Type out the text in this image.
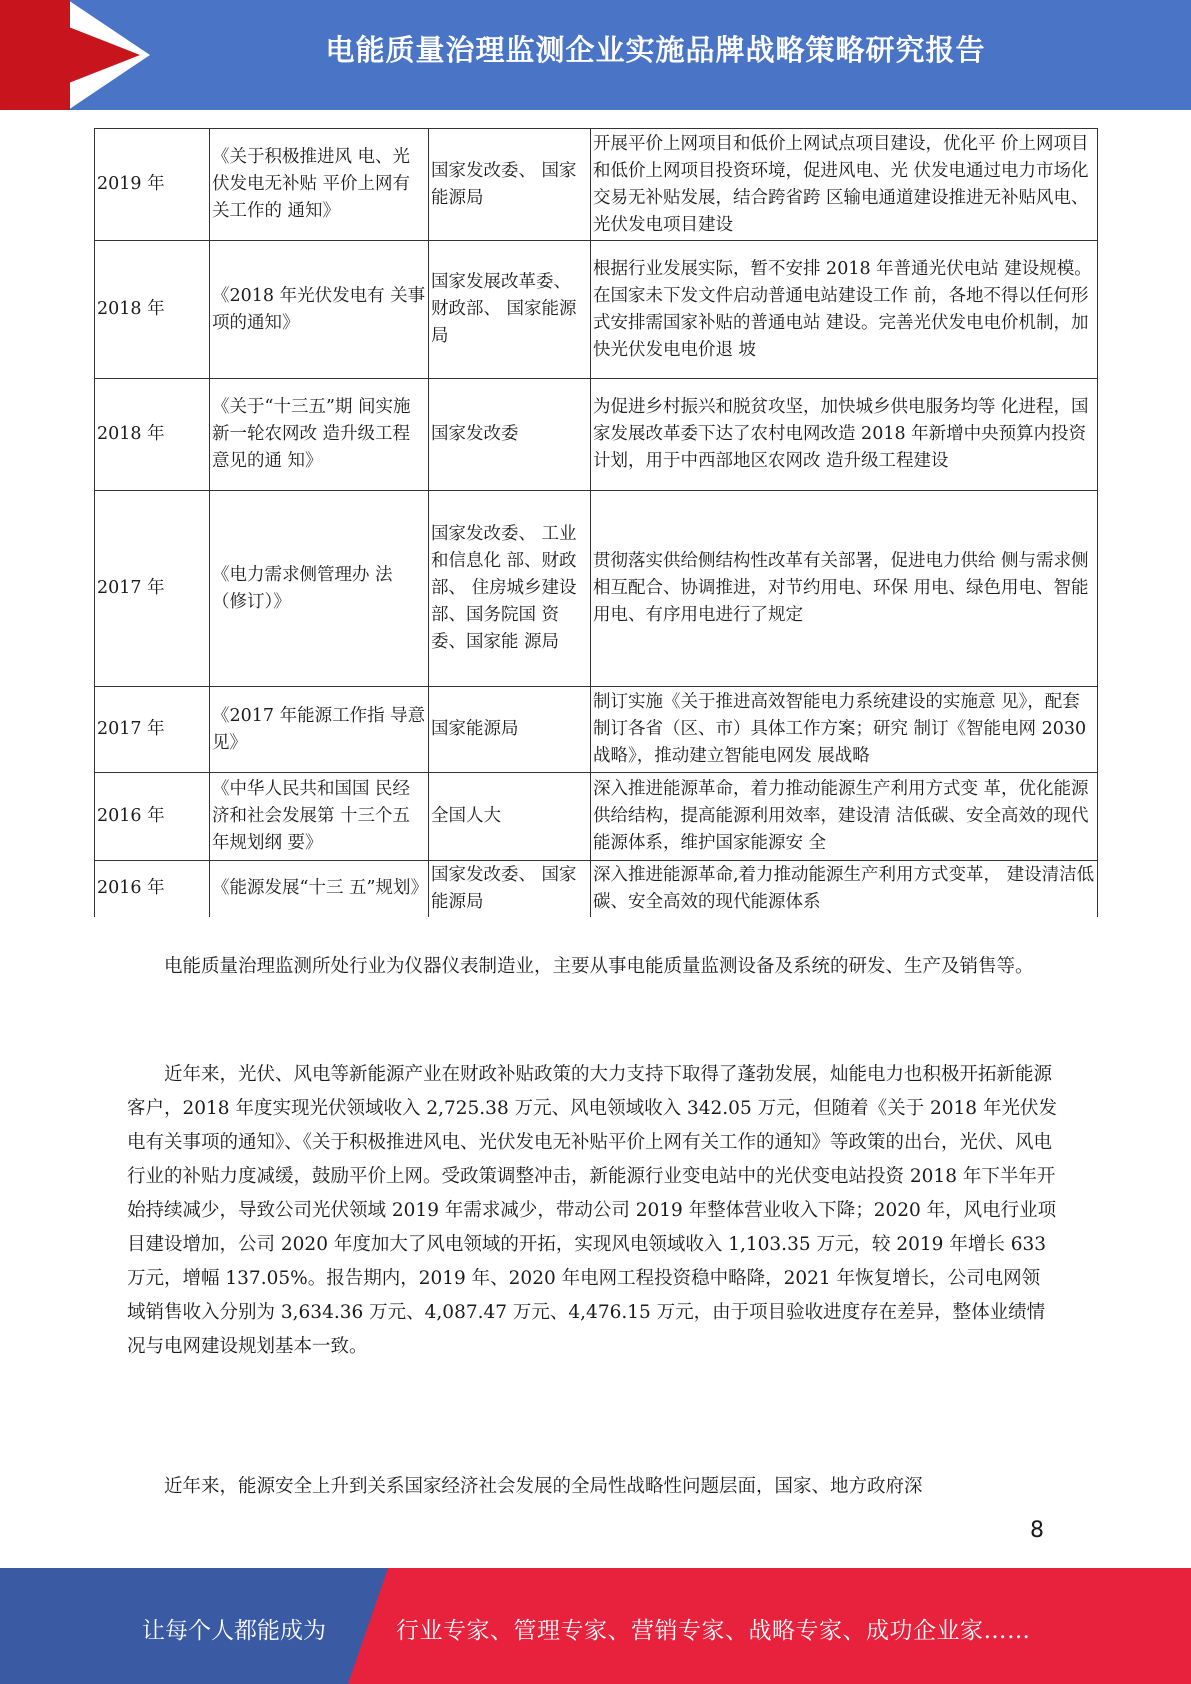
电能质量治理监测企业实施品牌战略策略研究报告
2019 年	《关于积极推进风 电、光伏发电无补贴 平价上网有关工作的 通知》	国家发改委、 国家能源局	开展平价上网项目和低价上网试点项目建设，优化平 价上网项目和低价上网项目投资环境，促进风电、光 伏发电通过电力市场化交易无补贴发展，结合跨省跨 区输电通道建设推进无补贴风电、光伏发电项目建设
2018 年	《2018 年光伏发电有 关事项的通知》	国家发展改革委、财政部、 国家能源局	根据行业发展实际，暂不安排 2018 年普通光伏电站 建设规模。在国家未下发文件启动普通电站建设工作 前，各地不得以任何形式安排需国家补贴的普通电站 建设。完善光伏发电电价机制，加快光伏发电电价退 坡
2018 年	《关于“十三五”期 间实施新一轮农网改 造升级工程意见的通 知》	国家发改委	为促进乡村振兴和脱贫攻坚，加快城乡供电服务均等 化进程，国家发展改革委下达了农村电网改造 2018 年新增中央预算内投资计划，用于中西部地区农网改 造升级工程建设
2017 年	《电力需求侧管理办 法（修订）》	国家发改委、 工业和信息化 部、财政部、 住房城乡建设 部、国务院国 资委、国家能 源局	贯彻落实供给侧结构性改革有关部署，促进电力供给 侧与需求侧相互配合、协调推进，对节约用电、环保 用电、绿色用电、智能用电、有序用电进行了规定
2017 年	《2017 年能源工作指 导意见》	国家能源局	制订实施《关于推进高效智能电力系统建设的实施意 见》，配套制订各省（区、市）具体工作方案；研究 制订《智能电网 2030 战略》，推动建立智能电网发 展战略
2016 年	《中华人民共和国国 民经济和社会发展第 十三个五年规划纲 要》	全国人大	深入推进能源革命，着力推动能源生产利用方式变 革，优化能源供给结构，提高能源利用效率，建设清 洁低碳、安全高效的现代能源体系，维护国家能源安 全
2016 年	《能源发展“十三 五”规划》	国家发改委、 国家能源局	深入推进能源革命,着力推动能源生产利用方式变革， 建设清洁低碳、安全高效的现代能源体系

电能质量治理监测所处行业为仪器仪表制造业，主要从事电能质量监测设备及系统的研发、生产及销售等。

近年来，光伏、风电等新能源产业在财政补贴政策的大力支持下取得了蓬勃发展，灿能电力也积极开拓新能源客户，2018 年度实现光伏领域收入 2,725.38 万元、风电领域收入 342.05 万元，但随着《关于 2018 年光伏发电有关事项的通知》、《关于积极推进风电、光伏发电无补贴平价上网有关工作的通知》等政策的出台，光伏、风电行业的补贴力度减缓，鼓励平价上网。受政策调整冲击，新能源行业变电站中的光伏变电站投资 2018 年下半年开始持续减少，导致公司光伏领域 2019 年需求减少，带动公司 2019 年整体营业收入下降；2020 年，风电行业项目建设增加，公司 2020 年度加大了风电领域的开拓，实现风电领域收入 1,103.35 万元，较 2019 年增长 633 万元，增幅 137.05%。报告期内，2019 年、2020 年电网工程投资稳中略降，2021 年恢复增长，公司电网领域销售收入分别为 3,634.36 万元、4,087.47 万元、4,476.15 万元，由于项目验收进度存在差异，整体业绩情况与电网建设规划基本一致。

近年来，能源安全上升到关系国家经济社会发展的全局性战略性问题层面，国家、地方政府深

8
让每个人都能成为	行业专家、管理专家、营销专家、战略专家、成功企业家……
